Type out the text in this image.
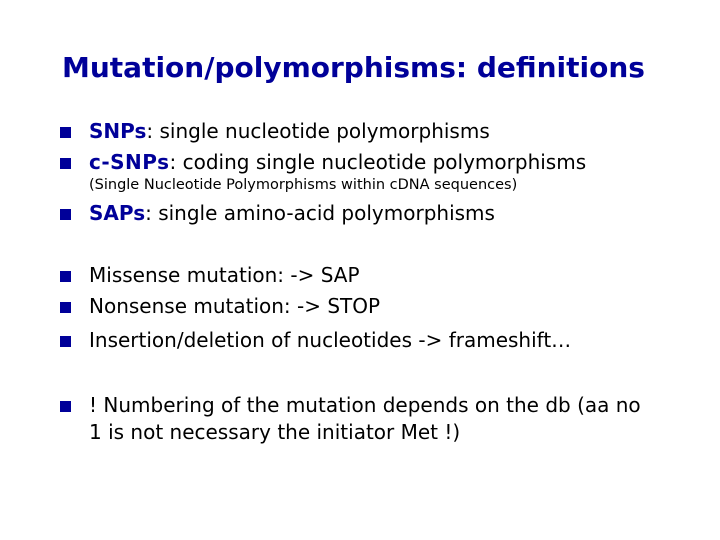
Mutation/polymorphisms: definitions
SNPs: single nucleotide polymorphisms
c-SNPs: coding single nucleotide polymorphisms
(Single Nucleotide Polymorphisms within cDNA sequences)
SAPs: single amino-acid polymorphisms
Missense mutation: -> SAP
Nonsense mutation: -> STOP
Insertion/deletion of nucleotides -> frameshift…
! Numbering of the mutation depends on the db (aa no 1 is not necessary the initiator Met !)
